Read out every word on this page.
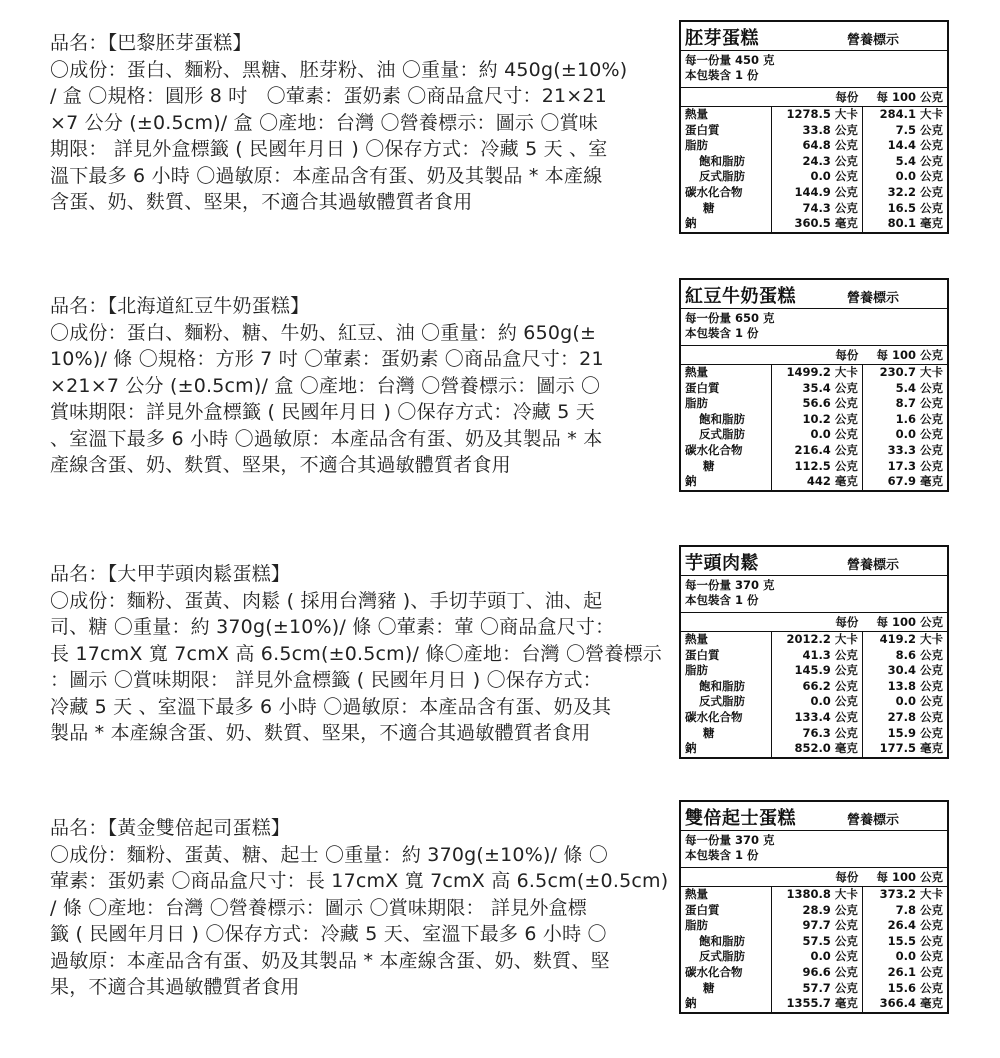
品名：【巴黎胚芽蛋糕】

〇成份：蛋白、麵粉、黑糖、胚芽粉、油 〇重量：約 450g(±10%)

/ 盒 〇規格：圓形 8 吋　〇葷素：蛋奶素 〇商品盒尺寸：21×21

×7 公分 (±0.5cm)/ 盒 〇產地：台灣 〇營養標示：圖示 〇賞味

期限： 詳見外盒標籤 ( 民國年月日 ) 〇保存方式：冷藏 5 天 、室

溫下最多 6 小時 〇過敏原：本產品含有蛋、奶及其製品 * 本產線

含蛋、奶、麩質、堅果，不適合其過敏體質者食用

胚芽蛋糕	營養標示
每一份量 450 克
本包裝含 1 份
	每份	每 100 公克
熱量	1278.5 大卡	284.1 大卡
蛋白質	33.8 公克	7.5 公克
脂肪	64.8 公克	14.4 公克
飽和脂肪	24.3 公克	5.4 公克
反式脂肪	0.0 公克	0.0 公克
碳水化合物	144.9 公克	32.2 公克
糖	74.3 公克	16.5 公克
鈉	360.5 毫克	80.1 毫克

品名：【北海道紅豆牛奶蛋糕】

〇成份：蛋白、麵粉、糖、牛奶、紅豆、油 〇重量：約 650g(±

10%)/ 條 〇規格：方形 7 吋 〇葷素：蛋奶素 〇商品盒尺寸：21

×21×7 公分 (±0.5cm)/ 盒 〇產地：台灣 〇營養標示：圖示 〇

賞味期限：詳見外盒標籤 ( 民國年月日 ) 〇保存方式：冷藏 5 天

、室溫下最多 6 小時 〇過敏原：本產品含有蛋、奶及其製品 * 本

產線含蛋、奶、麩質、堅果，不適合其過敏體質者食用

紅豆牛奶蛋糕	營養標示
每一份量 650 克
本包裝含 1 份
	每份	每 100 公克
熱量	1499.2 大卡	230.7 大卡
蛋白質	35.4 公克	5.4 公克
脂肪	56.6 公克	8.7 公克
飽和脂肪	10.2 公克	1.6 公克
反式脂肪	0.0 公克	0.0 公克
碳水化合物	216.4 公克	33.3 公克
糖	112.5 公克	17.3 公克
鈉	442 毫克	67.9 毫克

品名：【大甲芋頭肉鬆蛋糕】

〇成份：麵粉、蛋黃、肉鬆 ( 採用台灣豬 )、手切芋頭丁、油、起

司、糖 〇重量：約 370g(±10%)/ 條 〇葷素：葷 〇商品盒尺寸：

長 17cmX 寬 7cmX 高 6.5cm(±0.5cm)/ 條〇產地：台灣 〇營養標示

：圖示 〇賞味期限： 詳見外盒標籤 ( 民國年月日 ) 〇保存方式：

冷藏 5 天 、室溫下最多 6 小時 〇過敏原：本產品含有蛋、奶及其

製品 * 本產線含蛋、奶、麩質、堅果，不適合其過敏體質者食用

芋頭肉鬆	營養標示
每一份量 370 克
本包裝含 1 份
	每份	每 100 公克
熱量	2012.2 大卡	419.2 大卡
蛋白質	41.3 公克	8.6 公克
脂肪	145.9 公克	30.4 公克
飽和脂肪	66.2 公克	13.8 公克
反式脂肪	0.0 公克	0.0 公克
碳水化合物	133.4 公克	27.8 公克
糖	76.3 公克	15.9 公克
鈉	852.0 毫克	177.5 毫克

品名：【黃金雙倍起司蛋糕】

〇成份：麵粉、蛋黃、糖、起士 〇重量：約 370g(±10%)/ 條 〇

葷素：蛋奶素 〇商品盒尺寸：長 17cmX 寬 7cmX 高 6.5cm(±0.5cm)

/ 條 〇產地：台灣 〇營養標示：圖示 〇賞味期限： 詳見外盒標

籤 ( 民國年月日 ) 〇保存方式：冷藏 5 天、室溫下最多 6 小時 〇

過敏原：本產品含有蛋、奶及其製品 * 本產線含蛋、奶、麩質、堅

果，不適合其過敏體質者食用

雙倍起士蛋糕	營養標示
每一份量 370 克
本包裝含 1 份
	每份	每 100 公克
熱量	1380.8 大卡	373.2 大卡
蛋白質	28.9 公克	7.8 公克
脂肪	97.7 公克	26.4 公克
飽和脂肪	57.5 公克	15.5 公克
反式脂肪	0.0 公克	0.0 公克
碳水化合物	96.6 公克	26.1 公克
糖	57.7 公克	15.6 公克
鈉	1355.7 毫克	366.4 毫克
